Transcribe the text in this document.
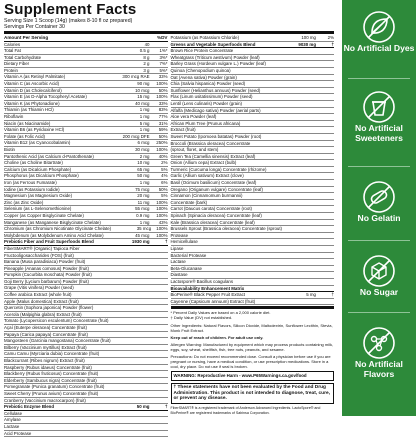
Supplement Facts
Serving Size 1 Scoop (14g) (makes 8-10 fl oz prepared)
Servings Per Container 30
Amount Per Serving	%DV
Calories	40
Total Fat	0.5 g	1%*
Total Carbohydrate	8 g	3%*
Dietary Fiber	2 g	7%*
Protein	3 g	5%*
Vitamin A (as Retinyl Palmitate)	300 mcg RAE	33%
Vitamin C (as Ascorbic Acid)	90 mg	100%
Vitamin D (as Cholecalciferol)	10 mcg	50%
Vitamin E (as D-Alpha Tocopheryl Acetate)	15 mg	100%
Vitamin K (as Phytonadione)	40 mcg	33%
Thiamin (as Thiamin HCl)	1 mg	83%
Riboflavin	1 mg	77%
Niacin (as Niacinamide)	5 mg	31%
Vitamin B6 (as Pyridoxine HCl)	1 mg	59%
Folate (as Folic Acid)	200 mcg DFE	50%
Vitamin B12 (as Cyanocobalamin)	6 mcg	250%
Biotin	30 mcg	100%
Pantothenic Acid (as Calcium d-Pantothenate)	2 mg	40%
Choline (as Choline Bitartrate)	10 mg	2%
Calcium (as Dicalcium Phosphate)	65 mg	5%
Phosphorus (as Dicalcium Phosphate)	50 mg	4%
Iron (as Ferrous Fumarate)	1 mg	6%
Iodine (as Potassium Iodide)	75 mcg	50%
Magnesium (as Magnesium Oxide)	20 mg	5%
Zinc (as Zinc Oxide)	11 mg	100%
Selenium (as L-Selenomethionine)	55 mcg	100%
Copper (as Copper Bisglycinate Chelate)	0.9 mg	100%
Manganese (as Manganese Bisglycinate Chelate)	1 mg	43%
Chromium (as Chromium Nicotinate Glycinate Chelate)	35 mcg	100%
Molybdenum (as Molybdenum Amino Acid Chelate)	45 mcg	100%
Prebiotic Fiber and Fruit Superfoods Blend	1930 mg	†
FiberSMART® (Organic) Tapioca Fiber
Fructooligosaccharides (FOS) (fruit)
Banana (Musa paradisiaca) Powder (fruit)
Pineapple (Ananas comosus) Powder (fruit)
Pumpkin (Cucurbita moschata) Powder (fruit)
Goji Berry (Lycium barbarum) Powder (fruit)
Grape (Vitis vinifera) Powder (seed)
Coffee arabica Extract (whole fruit)
Apple (Malus domestica) Extract (fruit)
Quercetin (Sophora japonica) Powder (flower)
Acerola (Malpighia glabra) Extract (fruit)
Tomato (Lycopersicon esculentum) Concentrate (fruit)
Açaí (Euterpe oleracea) Concentrate (fruit)
Papaya (Carica papaya) Concentrate (fruit)
Mangosteen (Garcinia mangostana) Concentrate (fruit)
Bilberry (Vaccinium myrtillus) Extract (fruit)
Camu Camu (Myrciaria dubia) Concentrate (fruit)
Blackcurrant (Ribes nigrum) Extract (fruit)
Raspberry (Rubus idaeus) Concentrate (fruit)
Blackberry (Rubus fruticosus) Concentrate (fruit)
Elderberry (Sambucus nigra) Concentrate (fruit)
Pomegranate (Punica granatum) Concentrate (fruit)
Sweet Cherry (Prunus avium) Concentrate (fruit)
Cranberry (Vaccinium macrocarpon) (fruit)
Prebiotic Enzyme Blend	50 mg	†
Cellulase
Amylase
Lactase
Acid Protease
Potassium (as Potassium Chloride)	100 mg	2%
Greens and Vegetable Superfoods Blend	9030 mg	†
Brown Rice Protein Concentrate
Wheatgrass (Triticum aestivum) Powder (leaf)
Barley Grass (Hordeum vulgare L.) Powder (leaf)
Quinoa (Chenopodium quinoa)
Oat (Avena sativa) Powder (grain)
Chia (Salvia hispanica) Powder (seed)
Sunflower (Helianthus annuus) Powder (seed)
Flax (Linum usitatissimum) Powder (seed)
Lentil (Lens culinaris) Powder (grain)
Alfalfa (Medicago sativa) Powder (aerial parts)
Aloe vera Powder (leaf)
African Plum Tree (Prunus africana)
Extract (fruit)
Sweet Potato (Ipomoea batatas) Powder (root)
Broccoli (Brassica oleracea) Concentrate
(sprout, floret, and stem)
Green Tea (Camellia sinensis) Extract (leaf)
Onion (Allium cepa) Extract (bulb)
Turmeric (Curcuma longa) Concentrate (rhizome)
Garlic (Allium sativum) Extract (clove)
Basil (Ocimum basilicum) Concentrate (leaf)
Oregano (Origanum vulgare) Concentrate (leaf)
Cinnamon (Cinnamomum burmannii)
Concentrate (bark)
Carrot (Daucus carota) Concentrate (root)
Spinach (Spinacia oleracea) Concentrate (leaf)
Kale (Brassica oleracea) Concentrate (leaf)
Brussels Sprout (Brassica oleracea) Concentrate (sprout)
Protease
Hemicellulase
Lipase
Bacterial Protease
Lactase
Beta-Glucanase
Diastase
Lactospore® Bacillus coagulans
Bioavailability Enhancement Matrix
BioPerine® Black Pepper Fruit Extract	5 mg	†
Cayenne (Capsicum annuum) Extract (fruit)
* Percent Daily Values are based on a 2,000 calorie diet.
† Daily Value (DV) not established.
Other Ingredients: Natural Flavors, Silicon Dioxide, Maltodextrin, Sunflower Lecithin, Stevia, Monk Fruit Extract.
Keep out of reach of children. For adult use only.
Allergen Warning: Manufactured by equipment which may process products containing milk, eggs, soy, wheat, shellfish, fish, tree nuts, peanuts, and sesame.
Precautions: Do not exceed recommended dose. Consult a physician before use if you are pregnant or nursing, have a medical condition, or use prescription medications. Store in a cool, dry place. Do not use if seal is broken.
WARNING: Reproductive Harm - www.P65Warnings.ca.gov/food
† These statements have not been evaluated by the Food and Drug Administration. This product is not intended to diagnose, treat, cure, or prevent any disease.
FiberSMART® is a registered trademark of Anderson Advanced Ingredients. LactoSpore® and BioPerine® are registered trademarks of Sabinsa Corporation.
No Artificial Dyes
No Artificial Sweeteners
No Gelatin
No Sugar
No Artificial Flavors
